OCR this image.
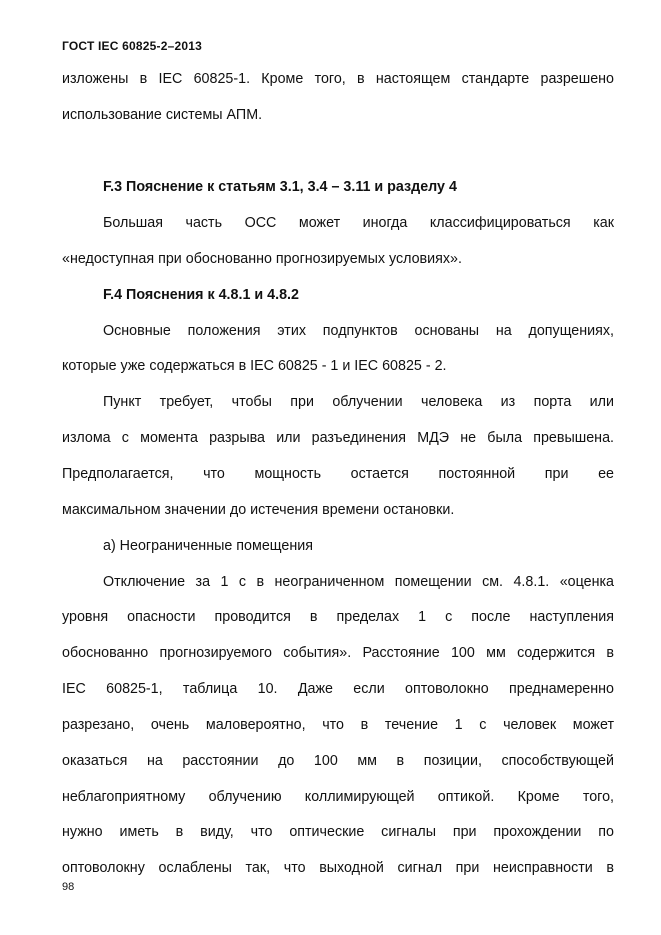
ГОСТ IEC 60825-2–2013
изложены в IEC 60825-1. Кроме того, в настоящем стандарте разрешено
использование системы АПМ.
F.3 Пояснение к статьям 3.1, 3.4 – 3.11 и разделу 4
Большая часть ОСС может иногда классифицироваться как
«недоступная при обоснованно прогнозируемых условиях».
F.4 Пояснения к 4.8.1 и 4.8.2
Основные положения этих подпунктов основаны на допущениях,
которые уже содержаться в IEC 60825 - 1 и IEC 60825 - 2.
Пункт требует, чтобы при облучении человека из порта или
излома с момента разрыва или разъединения МДЭ не была превышена.
Предполагается, что мощность остается постоянной при ее
максимальном значении до истечения времени остановки.
а) Неограниченные помещения
Отключение за 1 с в неограниченном помещении см. 4.8.1. «оценка
уровня опасности проводится в пределах 1 с после наступления
обоснованно прогнозируемого события». Расстояние 100 мм содержится в
IEC 60825-1, таблица 10. Даже если оптоволокно преднамеренно
разрезано, очень маловероятно, что в течение 1 с человек может
оказаться на расстоянии до 100 мм в позиции, способствующей
неблагоприятному облучению коллимирующей оптикой. Кроме того,
нужно иметь в виду, что оптические сигналы при прохождении по
оптоволокну ослаблены так, что выходной сигнал при неисправности в
98
